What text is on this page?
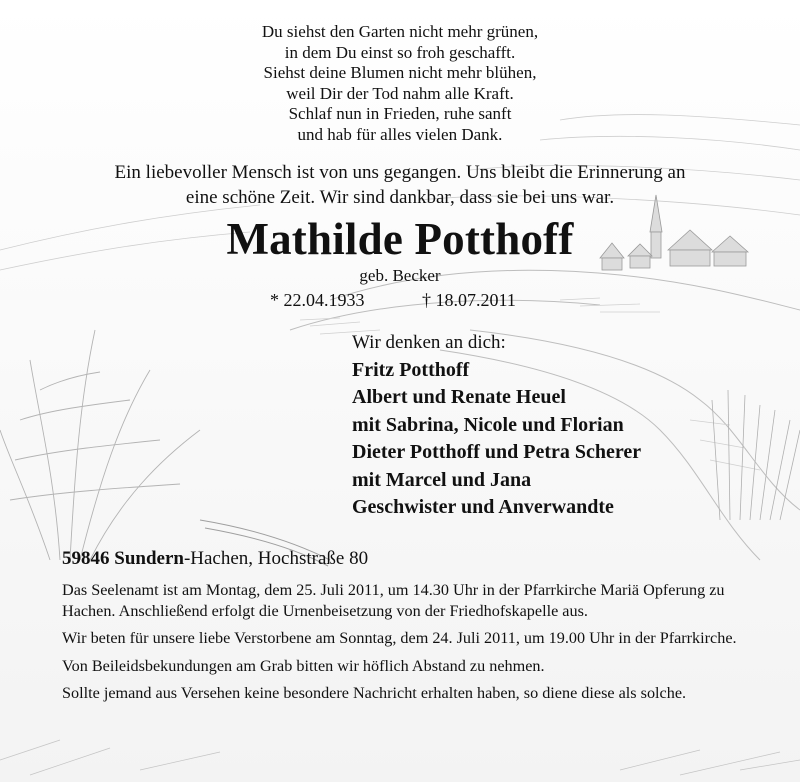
Du siehst den Garten nicht mehr grünen,
in dem Du einst so froh geschafft.
Siehst deine Blumen nicht mehr blühen,
weil Dir der Tod nahm alle Kraft.
Schlaf nun in Frieden, ruhe sanft
und hab für alles vielen Dank.
Ein liebevoller Mensch ist von uns gegangen. Uns bleibt die Erinnerung an
eine schöne Zeit. Wir sind dankbar, dass sie bei uns war.
Mathilde Potthoff
geb. Becker
* 22.04.1933	† 18.07.2011
Wir denken an dich:
Fritz Potthoff
Albert und Renate Heuel
mit Sabrina, Nicole und Florian
Dieter Potthoff und Petra Scherer
mit Marcel und Jana
Geschwister und Anverwandte
59846 Sundern-Hachen, Hochstraße 80

Das Seelenamt ist am Montag, dem 25. Juli 2011, um 14.30 Uhr in der Pfarrkirche Mariä Opferung zu Hachen. Anschließend erfolgt die Urnenbeisetzung von der Friedhofskapelle aus.

Wir beten für unsere liebe Verstorbene am Sonntag, dem 24. Juli 2011, um 19.00 Uhr in der Pfarrkirche.

Von Beileidsbekundungen am Grab bitten wir höflich Abstand zu nehmen.

Sollte jemand aus Versehen keine besondere Nachricht erhalten haben, so diene diese als solche.
